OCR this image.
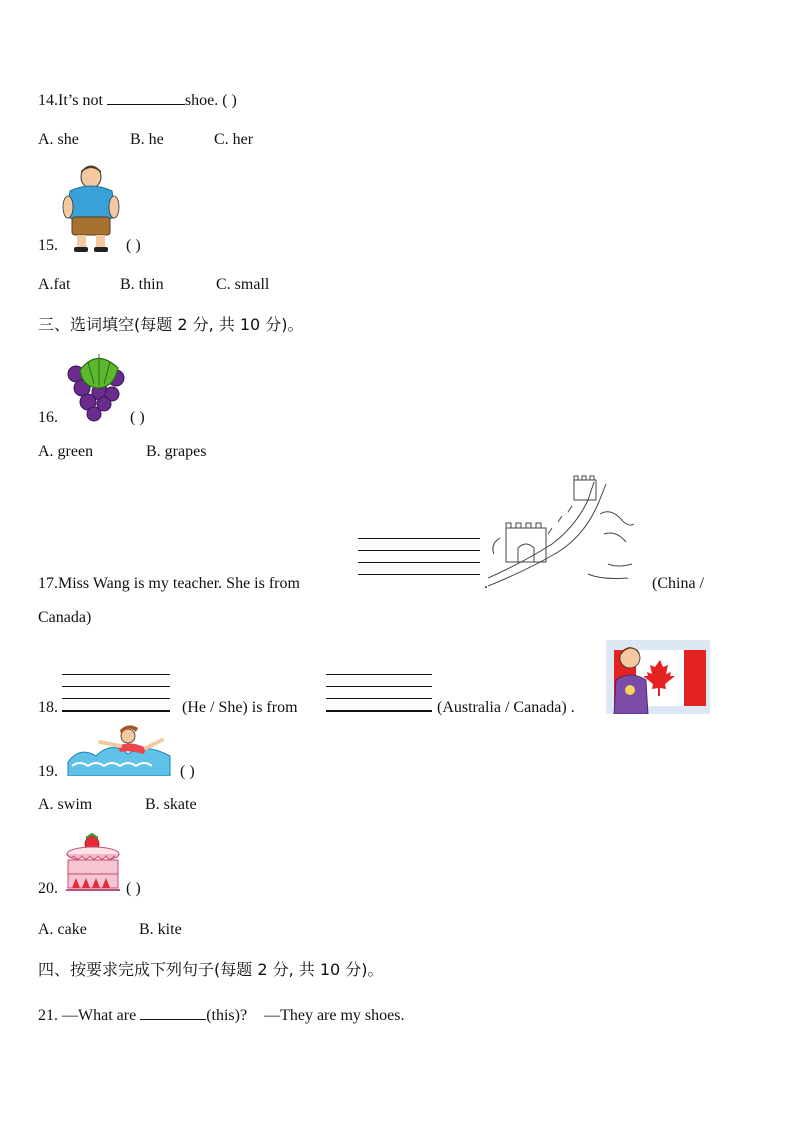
14.It’s not	shoe. ( )
A. she	B. he	C. her
15.	( )
A.fat	B. thin	C. small
三、选词填空(每题 2 分, 共 10 分)。
16.	( )
A. green	B. grapes
17.Miss Wang is my teacher. She is from	.	(China /
Canada)
18.	(He / She) is from	(Australia / Canada) .
19.	( )
A. swim	B. skate
20.	( )
A. cake	B. kite
四、按要求完成下列句子(每题 2 分, 共 10 分)。
21. —What are	(this)? —They are my shoes.
